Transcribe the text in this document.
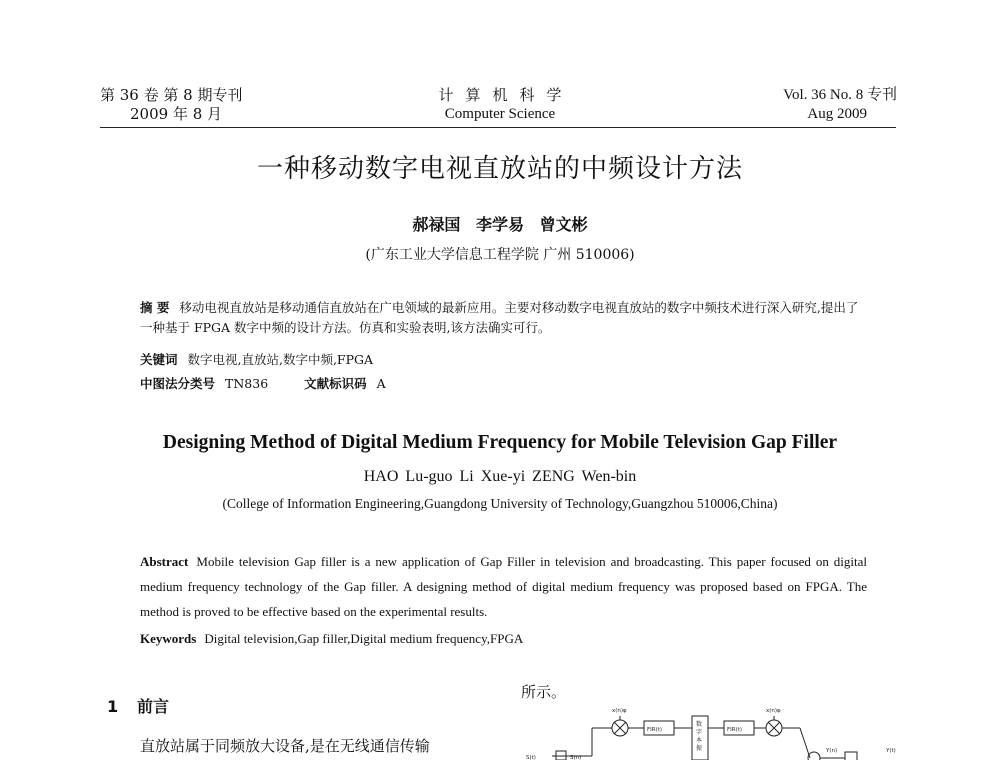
第 36 卷 第 8 期专刊
2009 年 8 月
计算机科学
Computer Science
Vol. 36 No. 8 专刊
Aug 2009
一种移动数字电视直放站的中频设计方法
郝禄国 李学易 曾文彬
(广东工业大学信息工程学院 广州 510006)
摘 要 移动电视直放站是移动通信直放站在广电领域的最新应用。主要对移动数字电视直放站的数字中频技术进行深入研究,提出了一种基于 FPGA 数字中频的设计方法。仿真和实验表明,该方法确实可行。
关键词 数字电视,直放站,数字中频,FPGA
中图法分类号 TN836	文献标识码 A
Designing Method of Digital Medium Frequency for Mobile Television Gap Filler
HAO Lu-guo Li Xue-yi ZENG Wen-bin
(College of Information Engineering,Guangdong University of Technology,Guangzhou 510006,China)
Abstract Mobile television Gap filler is a new application of Gap Filler in television and broadcasting. This paper focused on digital medium frequency technology of the Gap filler. A designing method of digital medium frequency was proposed based on FPGA. The method is proved to be effective based on the experimental results.
Keywords Digital television,Gap filler,Digital medium frequency,FPGA
1 前言
直放站属于同频放大设备,是在无线通信传输
所示。
S(t)	S(n)
x(n)φ
FIR(t)	FIR(t)
x(n)φ
Y(n)	Y(t)
数
字
本
振
